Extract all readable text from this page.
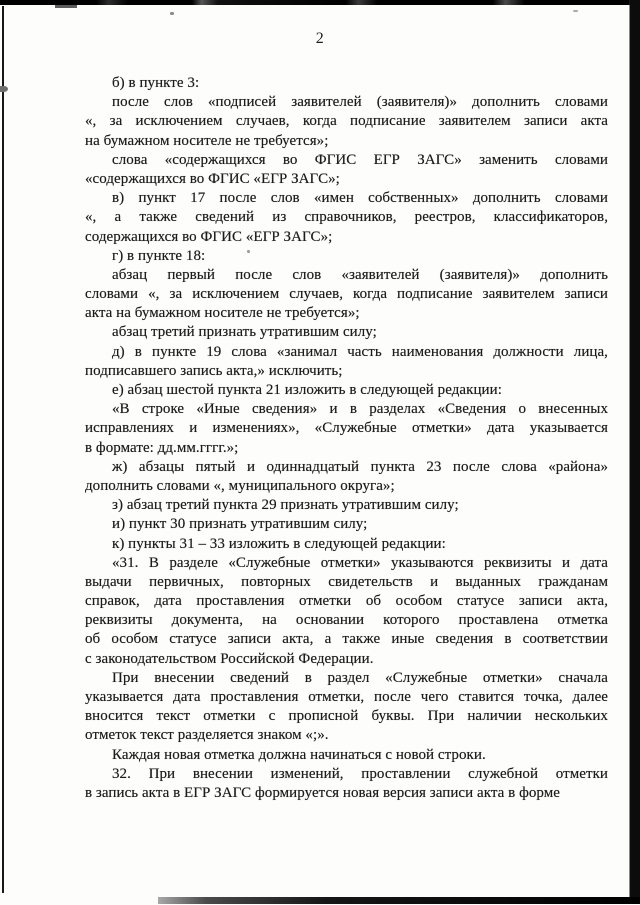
2
б) в пункте 3:
после слов «подписей заявителей (заявителя)» дополнить словами
«, за исключением случаев, когда подписание заявителем записи акта
на бумажном носителе не требуется»;
слова «содержащихся во ФГИС ЕГР ЗАГС» заменить словами
«содержащихся во ФГИС «ЕГР ЗАГС»;
в) пункт 17 после слов «имен собственных» дополнить словами
«, а также сведений из справочников, реестров, классификаторов,
содержащихся во ФГИС «ЕГР ЗАГС»;
г) в пункте 18:
абзац первый после слов «заявителей (заявителя)» дополнить
словами «, за исключением случаев, когда подписание заявителем записи
акта на бумажном носителе не требуется»;
абзац третий признать утратившим силу;
д) в пункте 19 слова «занимал часть наименования должности лица,
подписавшего запись акта,» исключить;
е) абзац шестой пункта 21 изложить в следующей редакции:
«В строке «Иные сведения» и в разделах «Сведения о внесенных
исправлениях и изменениях», «Служебные отметки» дата указывается
в формате: дд.мм.гггг.»;
ж) абзацы пятый и одиннадцатый пункта 23 после слова «района»
дополнить словами «, муниципального округа»;
з) абзац третий пункта 29 признать утратившим силу;
и) пункт 30 признать утратившим силу;
к) пункты 31 – 33 изложить в следующей редакции:
«31. В разделе «Служебные отметки» указываются реквизиты и дата
выдачи первичных, повторных свидетельств и выданных гражданам
справок, дата проставления отметки об особом статусе записи акта,
реквизиты документа, на основании которого проставлена отметка
об особом статусе записи акта, а также иные сведения в соответствии
с законодательством Российской Федерации.
При внесении сведений в раздел «Служебные отметки» сначала
указывается дата проставления отметки, после чего ставится точка, далее
вносится текст отметки с прописной буквы. При наличии нескольких
отметок текст разделяется знаком «;».
Каждая новая отметка должна начинаться с новой строки.
32. При внесении изменений, проставлении служебной отметки
в запись акта в ЕГР ЗАГС формируется новая версия записи акта в форме
